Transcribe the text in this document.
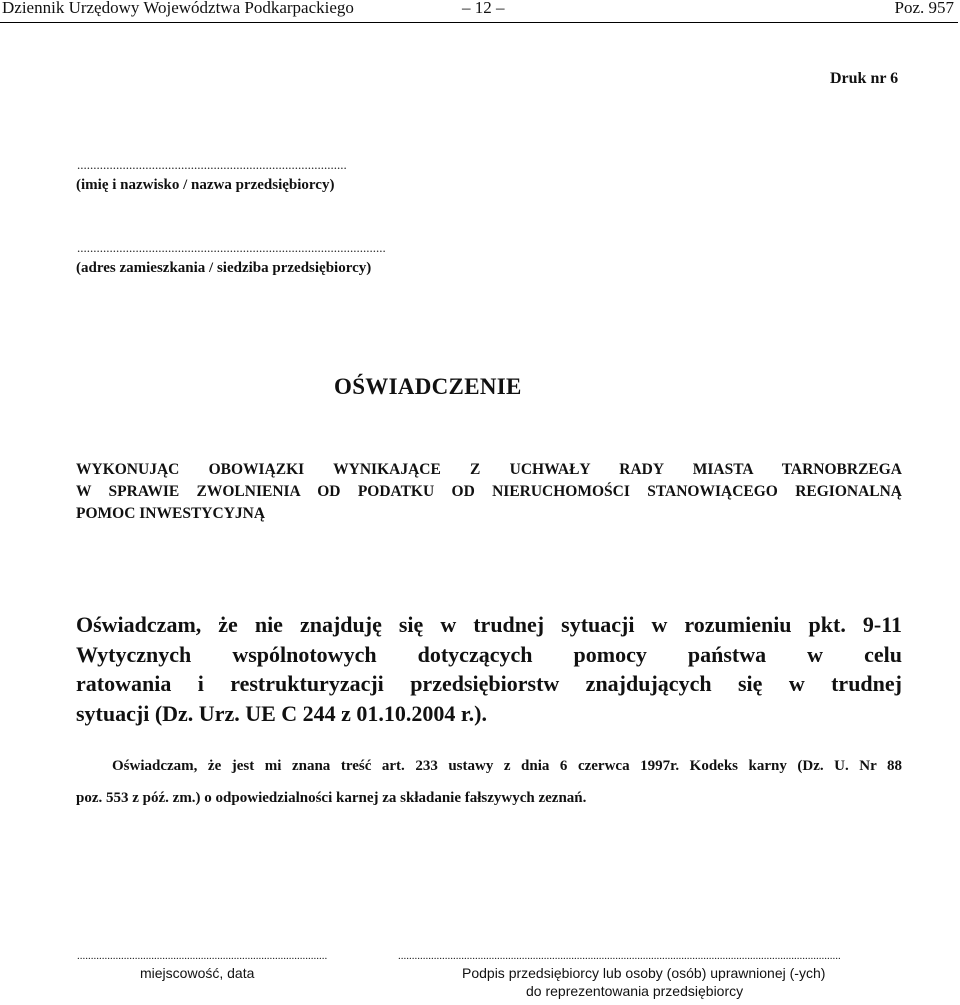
Dziennik Urzędowy Województwa Podkarpackiego	– 12 –	Poz. 957
Druk nr 6
...................................................................................
(imię i nazwisko / nazwa przedsiębiorcy)
...............................................................................................
(adres zamieszkania / siedziba przedsiębiorcy)
OŚWIADCZENIE
WYKONUJĄC OBOWIĄZKI WYNIKAJĄCE Z UCHWAŁY RADY MIASTA TARNOBRZEGA
W SPRAWIE ZWOLNIENIA OD PODATKU OD NIERUCHOMOŚCI STANOWIĄCEGO REGIONALNĄ
POMOC INWESTYCYJNĄ
Oświadczam, że nie znajduję się w trudnej sytuacji w rozumieniu pkt. 9-11
Wytycznych wspólnotowych dotyczących pomocy państwa w celu
ratowania i restrukturyzacji przedsiębiorstw znajdujących się w trudnej
sytuacji (Dz. Urz. UE C 244 z 01.10.2004 r.).
Oświadczam, że jest mi znana treść art. 233 ustawy z dnia 6 czerwca 1997r. Kodeks karny (Dz. U. Nr 88
poz. 553 z póź. zm.) o odpowiedzialności karnej za składanie fałszywych zeznań.
...........................................................................................	.................................................................................................................................................................
miejscowość, data	Podpis przedsiębiorcy lub osoby (osób) uprawnionej (-ych)
do reprezentowania przedsiębiorcy
